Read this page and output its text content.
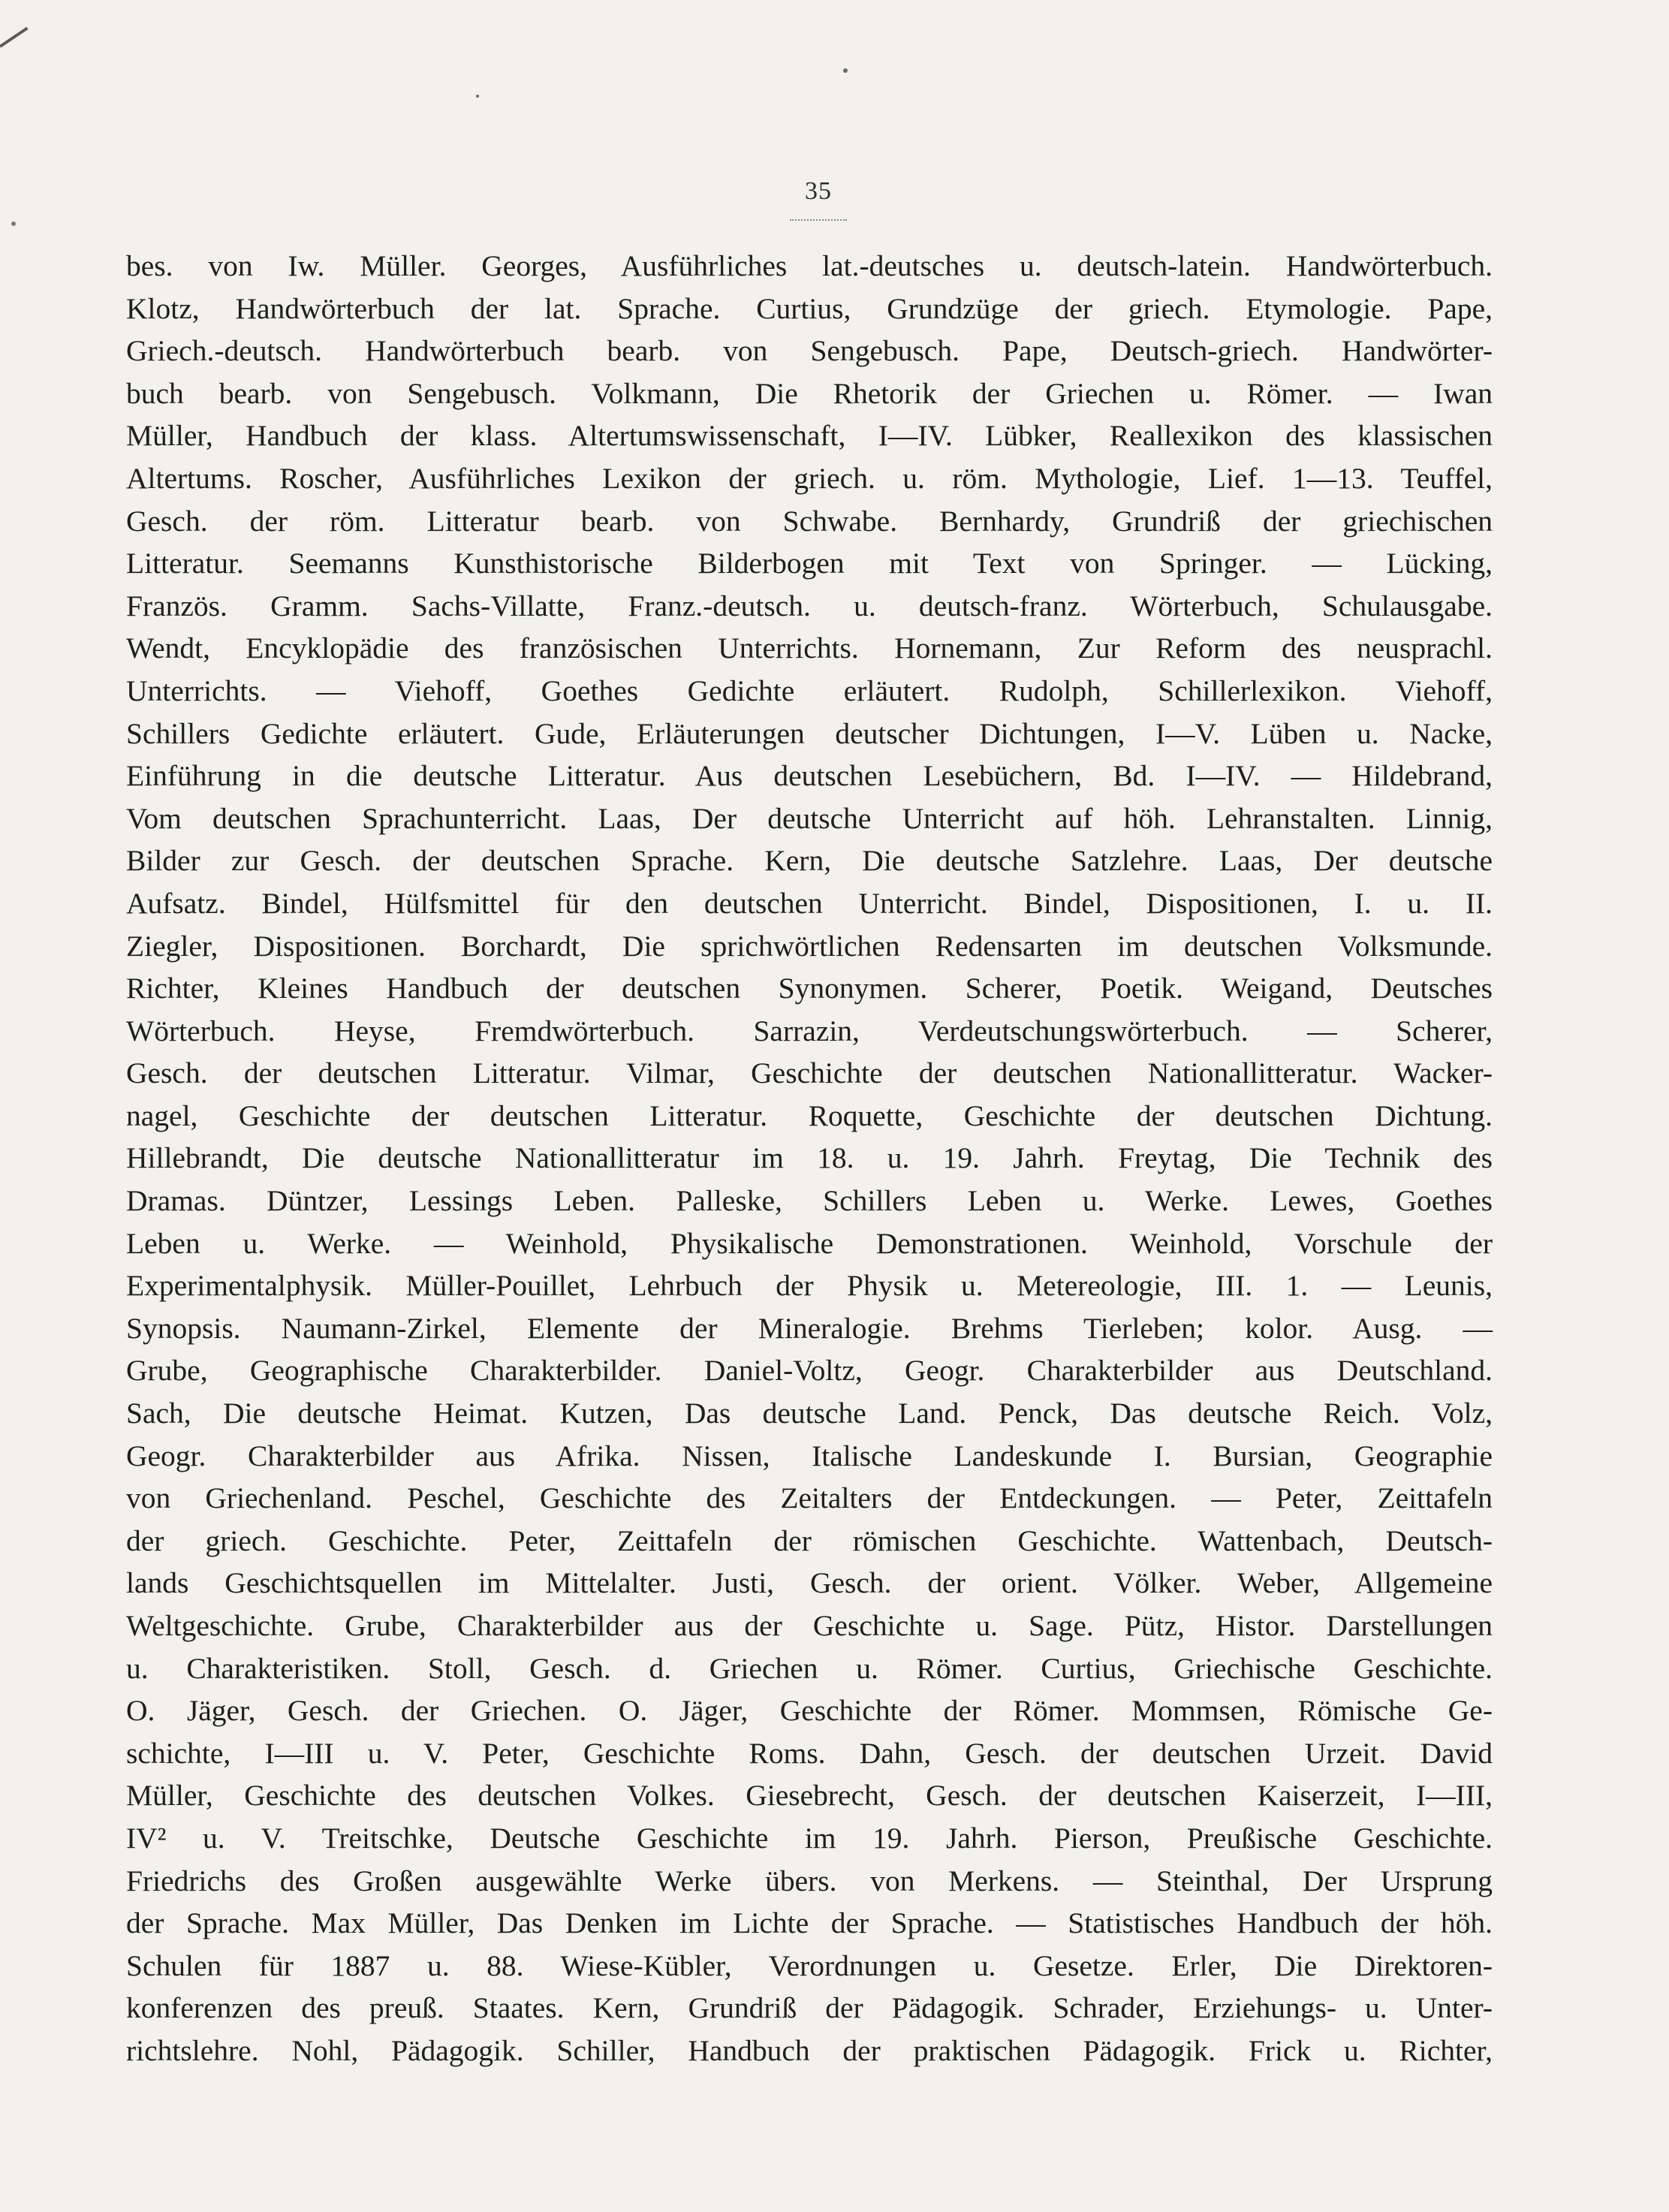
35
bes. von Iw. Müller. Georges, Ausführliches lat.-deutsches u. deutsch-latein. Handwörterbuch.
Klotz, Handwörterbuch der lat. Sprache. Curtius, Grundzüge der griech. Etymologie. Pape,
Griech.-deutsch. Handwörterbuch bearb. von Sengebusch. Pape, Deutsch-griech. Handwörter-
buch bearb. von Sengebusch. Volkmann, Die Rhetorik der Griechen u. Römer. — Iwan
Müller, Handbuch der klass. Altertumswissenschaft, I—IV. Lübker, Reallexikon des klassischen
Altertums. Roscher, Ausführliches Lexikon der griech. u. röm. Mythologie, Lief. 1—13. Teuffel,
Gesch. der röm. Litteratur bearb. von Schwabe. Bernhardy, Grundriß der griechischen
Litteratur. Seemanns Kunsthistorische Bilderbogen mit Text von Springer. — Lücking,
Französ. Gramm. Sachs-Villatte, Franz.-deutsch. u. deutsch-franz. Wörterbuch, Schulausgabe.
Wendt, Encyklopädie des französischen Unterrichts. Hornemann, Zur Reform des neusprachl.
Unterrichts. — Viehoff, Goethes Gedichte erläutert. Rudolph, Schillerlexikon. Viehoff,
Schillers Gedichte erläutert. Gude, Erläuterungen deutscher Dichtungen, I—V. Lüben u. Nacke,
Einführung in die deutsche Litteratur. Aus deutschen Lesebüchern, Bd. I—IV. — Hildebrand,
Vom deutschen Sprachunterricht. Laas, Der deutsche Unterricht auf höh. Lehranstalten. Linnig,
Bilder zur Gesch. der deutschen Sprache. Kern, Die deutsche Satzlehre. Laas, Der deutsche
Aufsatz. Bindel, Hülfsmittel für den deutschen Unterricht. Bindel, Dispositionen, I. u. II.
Ziegler, Dispositionen. Borchardt, Die sprichwörtlichen Redensarten im deutschen Volksmunde.
Richter, Kleines Handbuch der deutschen Synonymen. Scherer, Poetik. Weigand, Deutsches
Wörterbuch. Heyse, Fremdwörterbuch. Sarrazin, Verdeutschungswörterbuch. — Scherer,
Gesch. der deutschen Litteratur. Vilmar, Geschichte der deutschen Nationallitteratur. Wacker-
nagel, Geschichte der deutschen Litteratur. Roquette, Geschichte der deutschen Dichtung.
Hillebrandt, Die deutsche Nationallitteratur im 18. u. 19. Jahrh. Freytag, Die Technik des
Dramas. Düntzer, Lessings Leben. Palleske, Schillers Leben u. Werke. Lewes, Goethes
Leben u. Werke. — Weinhold, Physikalische Demonstrationen. Weinhold, Vorschule der
Experimentalphysik. Müller-Pouillet, Lehrbuch der Physik u. Metereologie, III. 1. — Leunis,
Synopsis. Naumann-Zirkel, Elemente der Mineralogie. Brehms Tierleben; kolor. Ausg. —
Grube, Geographische Charakterbilder. Daniel-Voltz, Geogr. Charakterbilder aus Deutschland.
Sach, Die deutsche Heimat. Kutzen, Das deutsche Land. Penck, Das deutsche Reich. Volz,
Geogr. Charakterbilder aus Afrika. Nissen, Italische Landeskunde I. Bursian, Geographie
von Griechenland. Peschel, Geschichte des Zeitalters der Entdeckungen. — Peter, Zeittafeln
der griech. Geschichte. Peter, Zeittafeln der römischen Geschichte. Wattenbach, Deutsch-
lands Geschichtsquellen im Mittelalter. Justi, Gesch. der orient. Völker. Weber, Allgemeine
Weltgeschichte. Grube, Charakterbilder aus der Geschichte u. Sage. Pütz, Histor. Darstellungen
u. Charakteristiken. Stoll, Gesch. d. Griechen u. Römer. Curtius, Griechische Geschichte.
O. Jäger, Gesch. der Griechen. O. Jäger, Geschichte der Römer. Mommsen, Römische Ge-
schichte, I—III u. V. Peter, Geschichte Roms. Dahn, Gesch. der deutschen Urzeit. David
Müller, Geschichte des deutschen Volkes. Giesebrecht, Gesch. der deutschen Kaiserzeit, I—III,
IV² u. V. Treitschke, Deutsche Geschichte im 19. Jahrh. Pierson, Preußische Geschichte.
Friedrichs des Großen ausgewählte Werke übers. von Merkens. — Steinthal, Der Ursprung
der Sprache. Max Müller, Das Denken im Lichte der Sprache. — Statistisches Handbuch der höh.
Schulen für 1887 u. 88. Wiese-Kübler, Verordnungen u. Gesetze. Erler, Die Direktoren-
konferenzen des preuß. Staates. Kern, Grundriß der Pädagogik. Schrader, Erziehungs- u. Unter-
richtslehre. Nohl, Pädagogik. Schiller, Handbuch der praktischen Pädagogik. Frick u. Richter,
